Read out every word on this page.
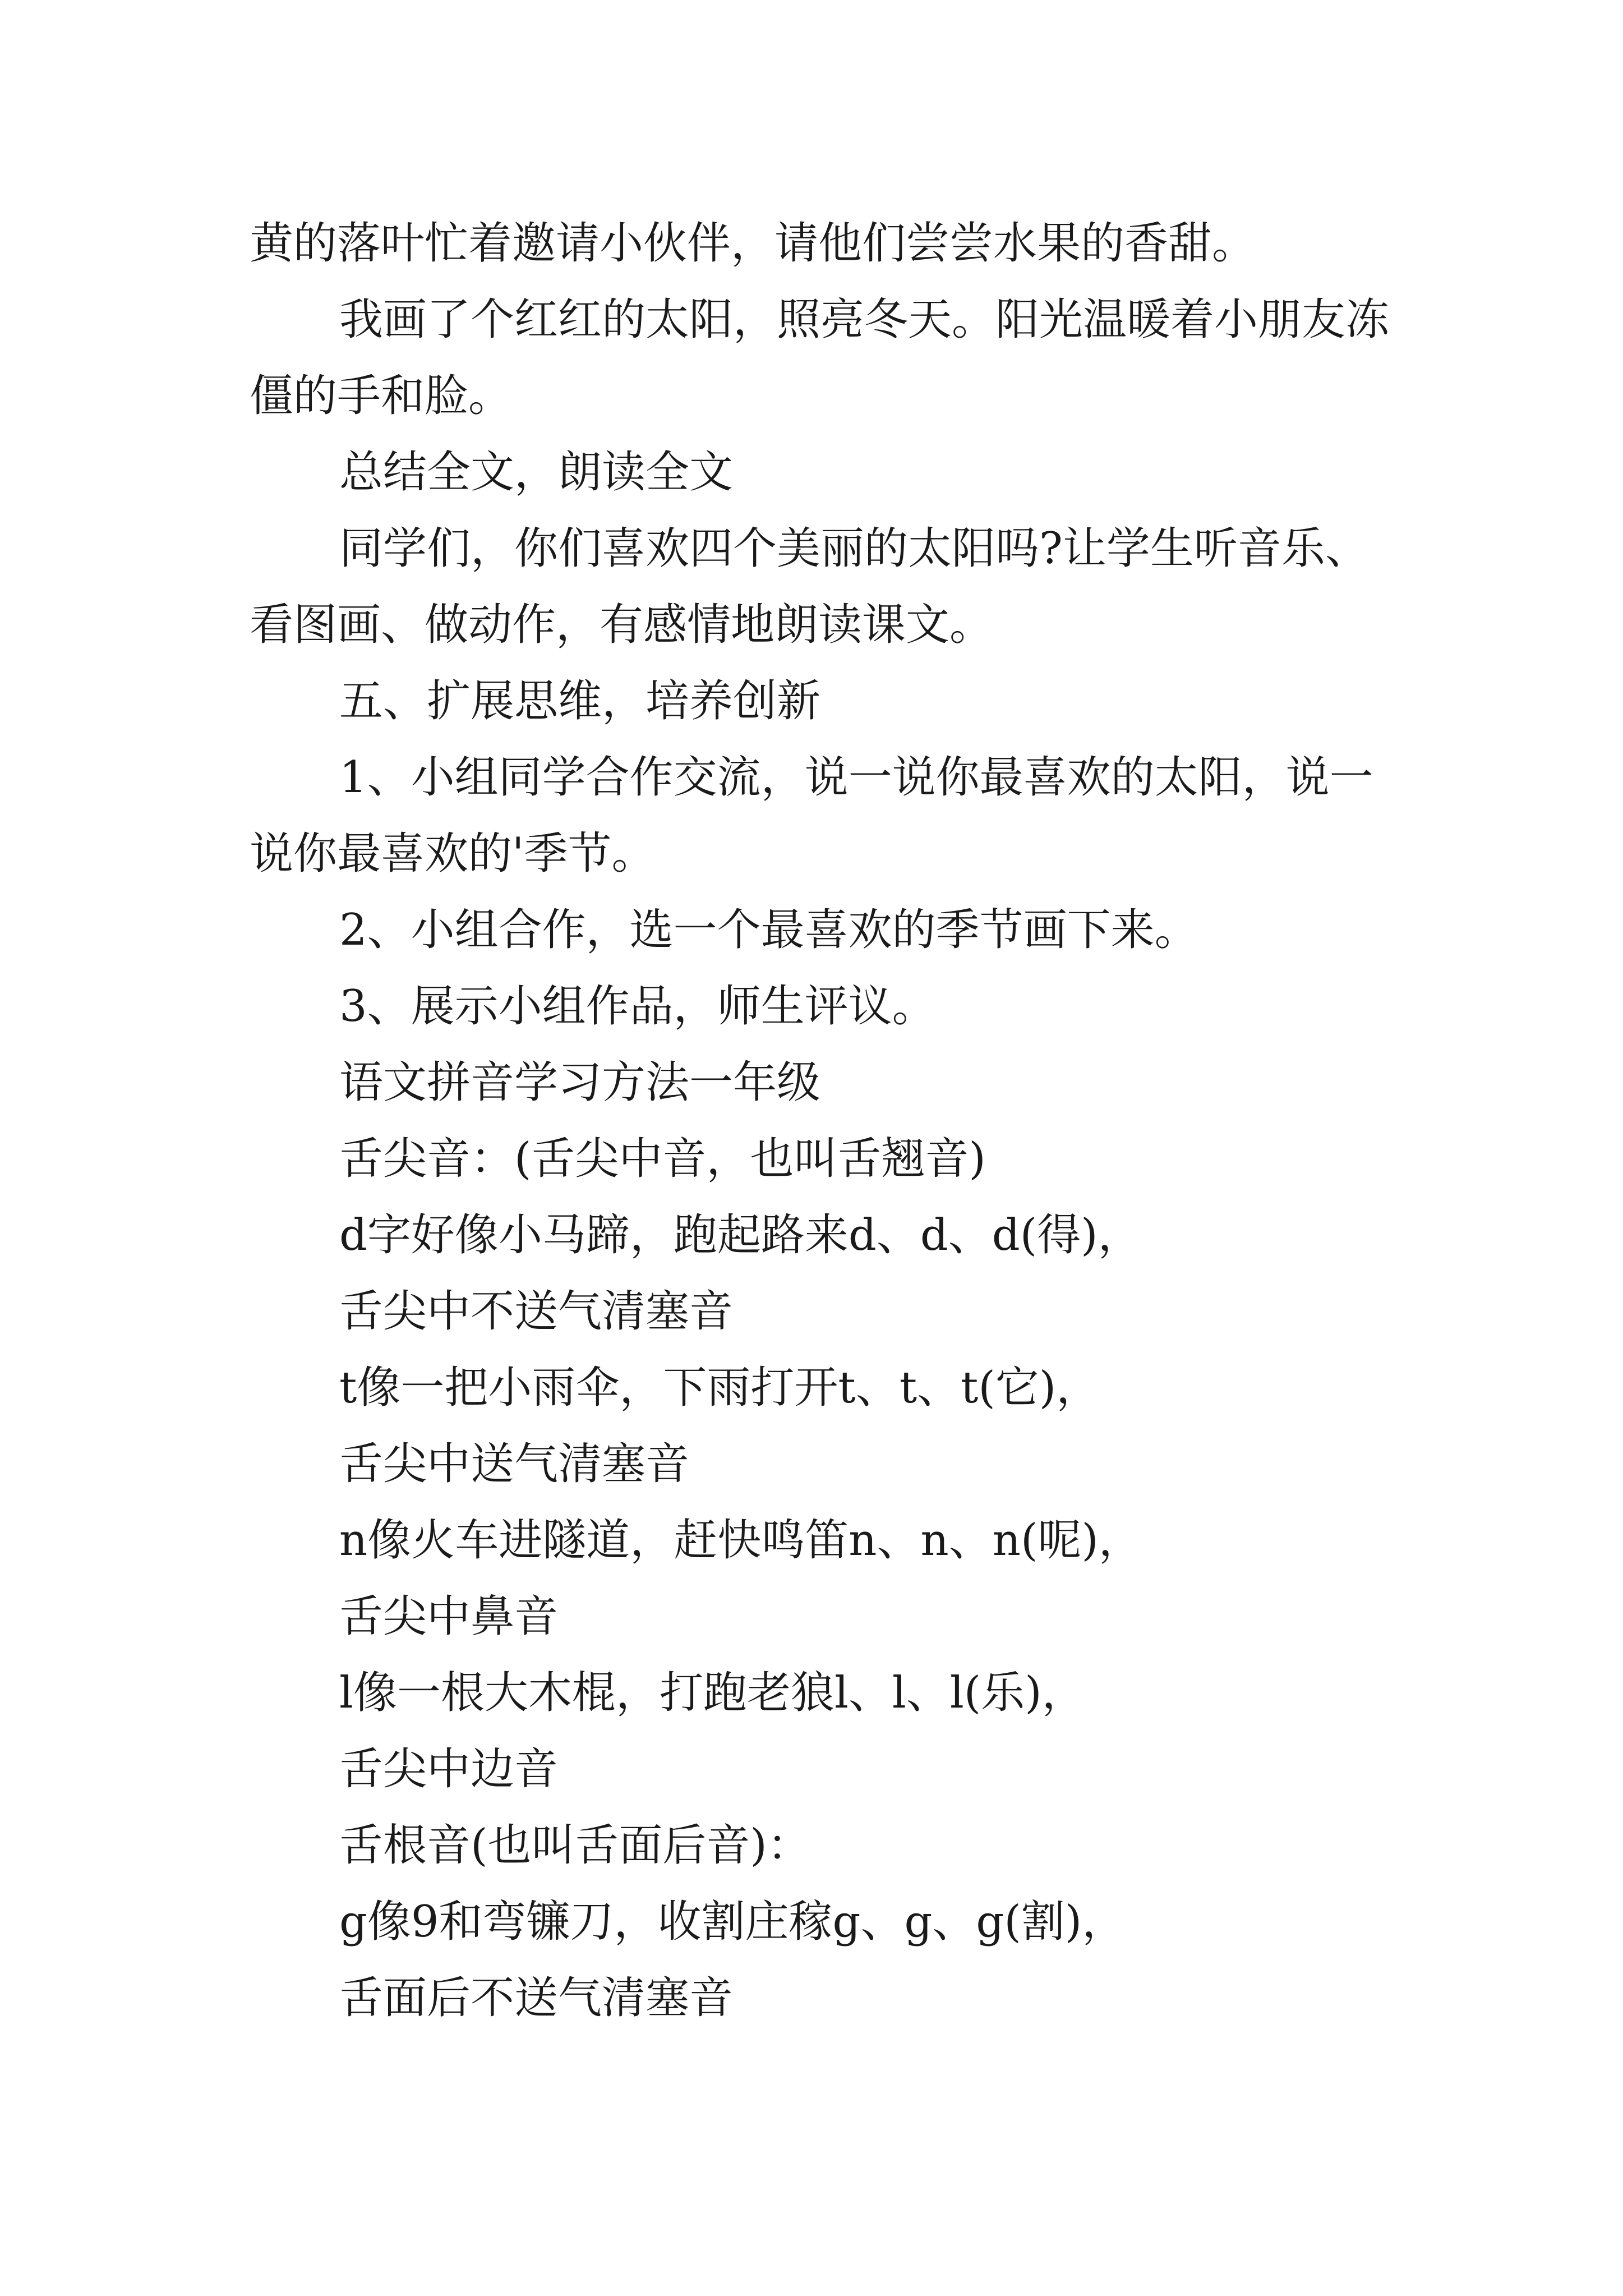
黄的落叶忙着邀请小伙伴，请他们尝尝水果的香甜。

我画了个红红的太阳，照亮冬天。阳光温暖着小朋友冻僵的手和脸。

总结全文，朗读全文

同学们，你们喜欢四个美丽的太阳吗?让学生听音乐、看图画、做动作，有感情地朗读课文。

五、扩展思维，培养创新

1、小组同学合作交流，说一说你最喜欢的太阳，说一说你最喜欢的'季节。

2、小组合作，选一个最喜欢的季节画下来。

3、展示小组作品，师生评议。

语文拼音学习方法一年级

舌尖音：(舌尖中音，也叫舌翘音)

d字好像小马蹄，跑起路来d、d、d(得)，

舌尖中不送气清塞音

t像一把小雨伞，下雨打开t、t、t(它)，

舌尖中送气清塞音

n像火车进隧道，赶快鸣笛n、n、n(呢)，

舌尖中鼻音

l像一根大木棍，打跑老狼l、l、l(乐)，

舌尖中边音

舌根音(也叫舌面后音)：

g像9和弯镰刀，收割庄稼g、g、g(割)，

舌面后不送气清塞音
